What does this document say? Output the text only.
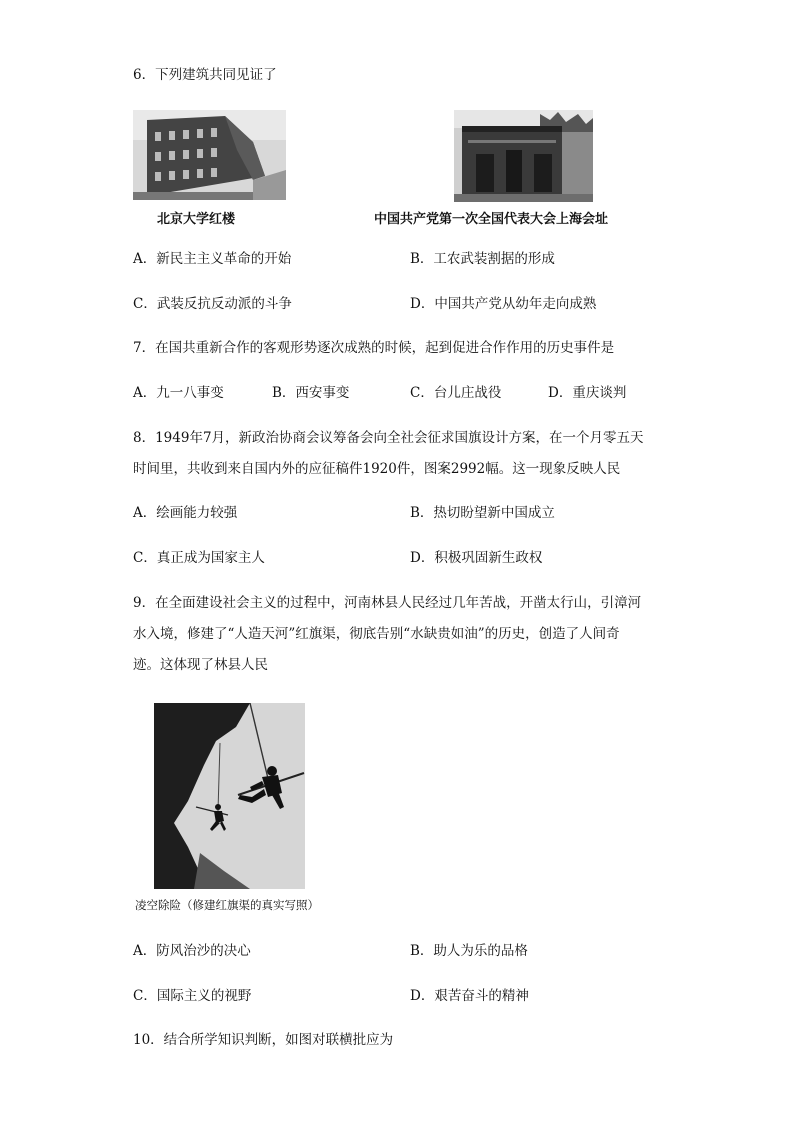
6．下列建筑共同见证了
北京大学红楼	中国共产党第一次全国代表大会上海会址
A．新民主主义革命的开始	B．工农武装割据的形成
C．武装反抗反动派的斗争	D．中国共产党从幼年走向成熟
7．在国共重新合作的客观形势逐次成熟的时候，起到促进合作作用的历史事件是
A．九一八事变	B．西安事变	C．台儿庄战役	D．重庆谈判
8．1949年7月，新政治协商会议筹备会向全社会征求国旗设计方案，在一个月零五天
时间里，共收到来自国内外的应征稿件1920件，图案2992幅。这一现象反映人民
A．绘画能力较强	B．热切盼望新中国成立
C．真正成为国家主人	D．积极巩固新生政权
9．在全面建设社会主义的过程中，河南林县人民经过几年苦战，开凿太行山，引漳河
水入境，修建了“人造天河”红旗渠，彻底告别“水缺贵如油”的历史，创造了人间奇
迹。这体现了林县人民
凌空除险（修建红旗渠的真实写照）
A．防风治沙的决心	B．助人为乐的品格
C．国际主义的视野	D．艰苦奋斗的精神
10．结合所学知识判断，如图对联横批应为
